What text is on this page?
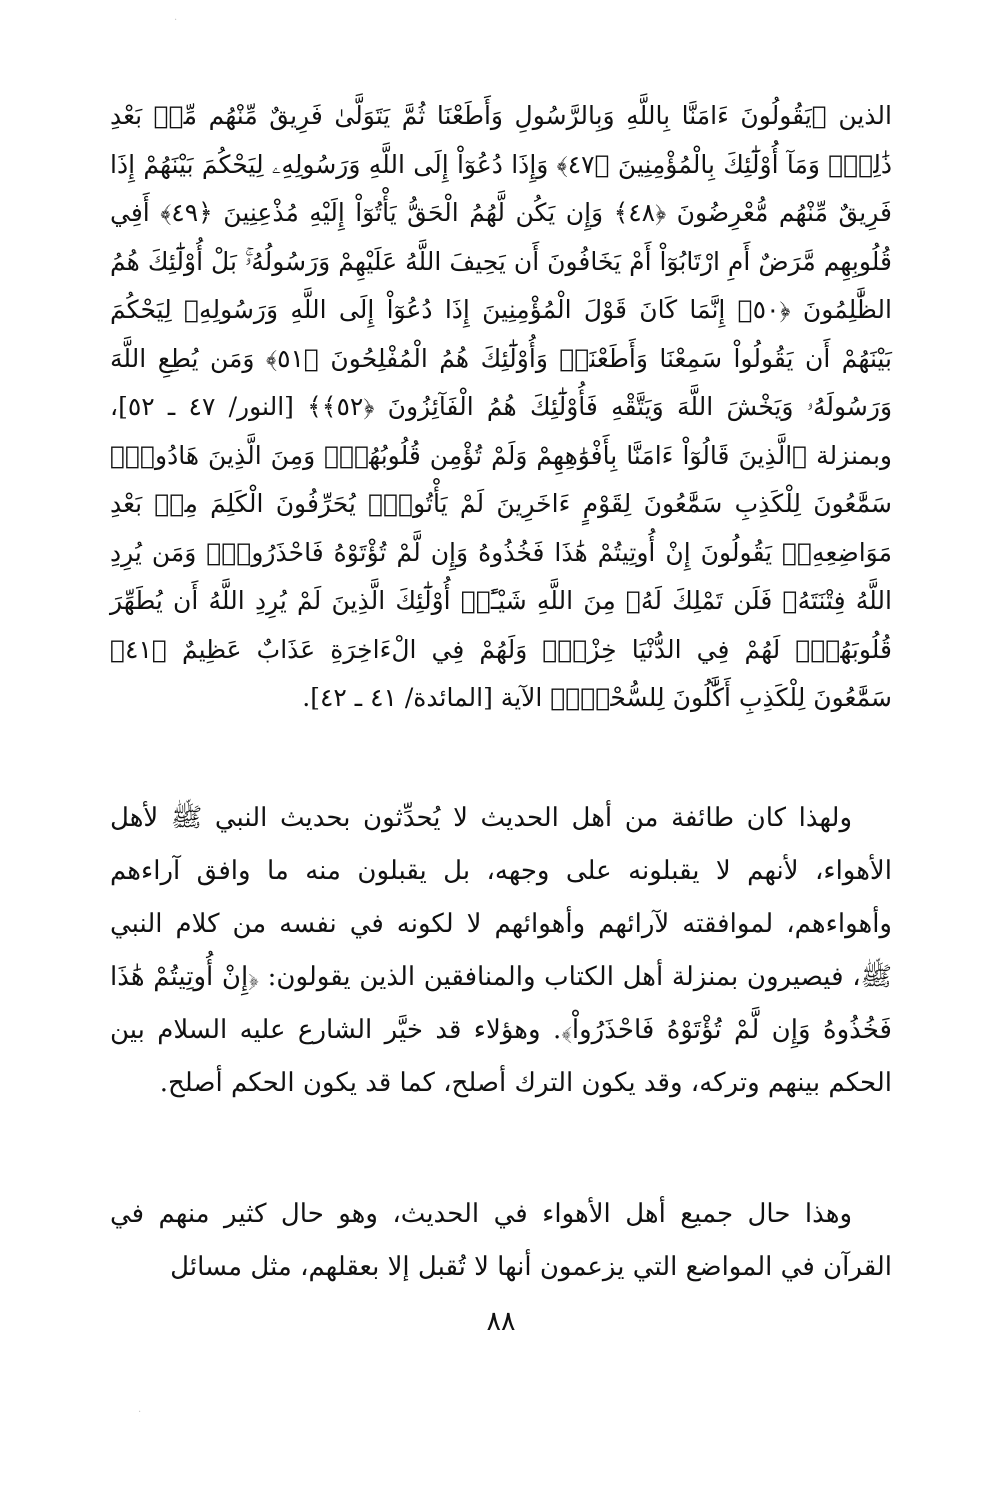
·
الذين ﴿يَقُولُونَ ءَامَنَّا بِاللَّهِ وَبِالرَّسُولِ وَأَطَعْنَا ثُمَّ يَتَوَلَّىٰ فَرِيقٌ مِّنْهُم مِّنۢ بَعْدِ ذَٰلِكَۚ وَمَآ أُوْلَٰٓئِكَ بِالْمُؤْمِنِينَ ﴿٤٧﴾ وَإِذَا دُعُوٓاْ إِلَى اللَّهِ وَرَسُولِهِۦ لِيَحْكُمَ بَيْنَهُمْ إِذَا فَرِيقٌ مِّنْهُم مُّعْرِضُونَ ﴿٤٨﴾ وَإِن يَكُن لَّهُمُ الْحَقُّ يَأْتُوٓاْ إِلَيْهِ مُذْعِنِينَ ﴿٤٩﴾ أَفِي قُلُوبِهِم مَّرَضٌ أَمِ ارْتَابُوٓاْ أَمْ يَخَافُونَ أَن يَحِيفَ اللَّهُ عَلَيْهِمْ وَرَسُولُهُۥۚ بَلْ أُوْلَٰٓئِكَ هُمُ الظَّٰلِمُونَ ﴿٥٠﴾ إِنَّمَا كَانَ قَوْلَ الْمُؤْمِنِينَ إِذَا دُعُوٓاْ إِلَى اللَّهِ وَرَسُولِهِۦ لِيَحْكُمَ بَيْنَهُمْ أَن يَقُولُواْ سَمِعْنَا وَأَطَعْنَاۚ وَأُوْلَٰٓئِكَ هُمُ الْمُفْلِحُونَ ﴿٥١﴾ وَمَن يُطِعِ اللَّهَ وَرَسُولَهُۥ وَيَخْشَ اللَّهَ وَيَتَّقْهِ فَأُوْلَٰٓئِكَ هُمُ الْفَآئِزُونَ ﴿٥٢﴾﴾ [النور/ ٤٧ ـ ٥٢]، وبمنزلة ﴿الَّذِينَ قَالُوٓاْ ءَامَنَّا بِأَفْوَٰهِهِمْ وَلَمْ تُؤْمِن قُلُوبُهُمْۛ وَمِنَ الَّذِينَ هَادُواْۛ سَمَّٰعُونَ لِلْكَذِبِ سَمَّٰعُونَ لِقَوْمٍ ءَاخَرِينَ لَمْ يَأْتُوكَۖ يُحَرِّفُونَ الْكَلِمَ مِنۢ بَعْدِ مَوَاضِعِهِۦۖ يَقُولُونَ إِنْ أُوتِيتُمْ هَٰذَا فَخُذُوهُ وَإِن لَّمْ تُؤْتَوْهُ فَاحْذَرُواْۚ وَمَن يُرِدِ اللَّهُ فِتْنَتَهُۥ فَلَن تَمْلِكَ لَهُۥ مِنَ اللَّهِ شَيْـًٔاۚ أُوْلَٰٓئِكَ الَّذِينَ لَمْ يُرِدِ اللَّهُ أَن يُطَهِّرَ قُلُوبَهُمْۚ لَهُمْ فِي الدُّنْيَا خِزْيٌۖ وَلَهُمْ فِي الْءَاخِرَةِ عَذَابٌ عَظِيمٌ ﴿٤١﴾ سَمَّٰعُونَ لِلْكَذِبِ أَكَّٰلُونَ لِلسُّحْتِۚ﴾ الآية [المائدة/ ٤١ ـ ٤٢].

ولهذا كان طائفة من أهل الحديث لا يُحدِّثون بحديث النبي ﷺ لأهل الأهواء، لأنهم لا يقبلونه على وجهه، بل يقبلون منه ما وافق آراءهم وأهواءهم، لموافقته لآرائهم وأهوائهم لا لكونه في نفسه من كلام النبي ﷺ، فيصيرون بمنزلة أهل الكتاب والمنافقين الذين يقولون: ﴿إِنْ أُوتِيتُمْ هَٰذَا فَخُذُوهُ وَإِن لَّمْ تُؤْتَوْهُ فَاحْذَرُواْ﴾. وهؤلاء قد خيَّر الشارع عليه السلام بين الحكم بينهم وتركه، وقد يكون الترك أصلح، كما قد يكون الحكم أصلح.

وهذا حال جميع أهل الأهواء في الحديث، وهو حال كثير منهم في القرآن في المواضع التي يزعمون أنها لا تُقبل إلا بعقلهم، مثل مسائل

٨٨
·
